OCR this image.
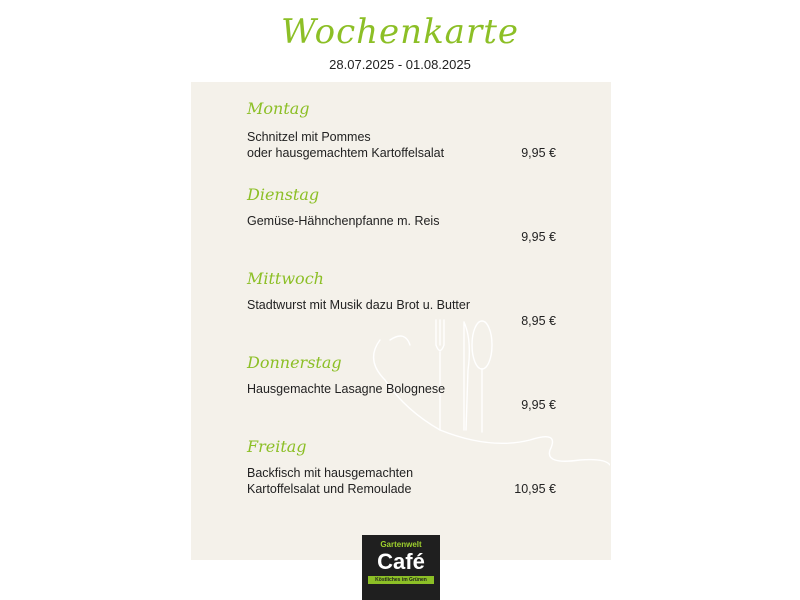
Wochenkarte
28.07.2025 - 01.08.2025
Montag
Schnitzel mit Pommes
oder hausgemachtem Kartoffelsalat	9,95 €
Dienstag
Gemüse-Hähnchenpfanne m. Reis
9,95 €
Mittwoch
Stadtwurst mit Musik dazu Brot u. Butter
8,95 €
Donnerstag
Hausgemachte Lasagne Bolognese
9,95 €
Freitag
Backfisch mit hausgemachten
Kartoffelsalat und Remoulade	10,95 €
Gartenwelt
Café
Köstliches im Grünen
